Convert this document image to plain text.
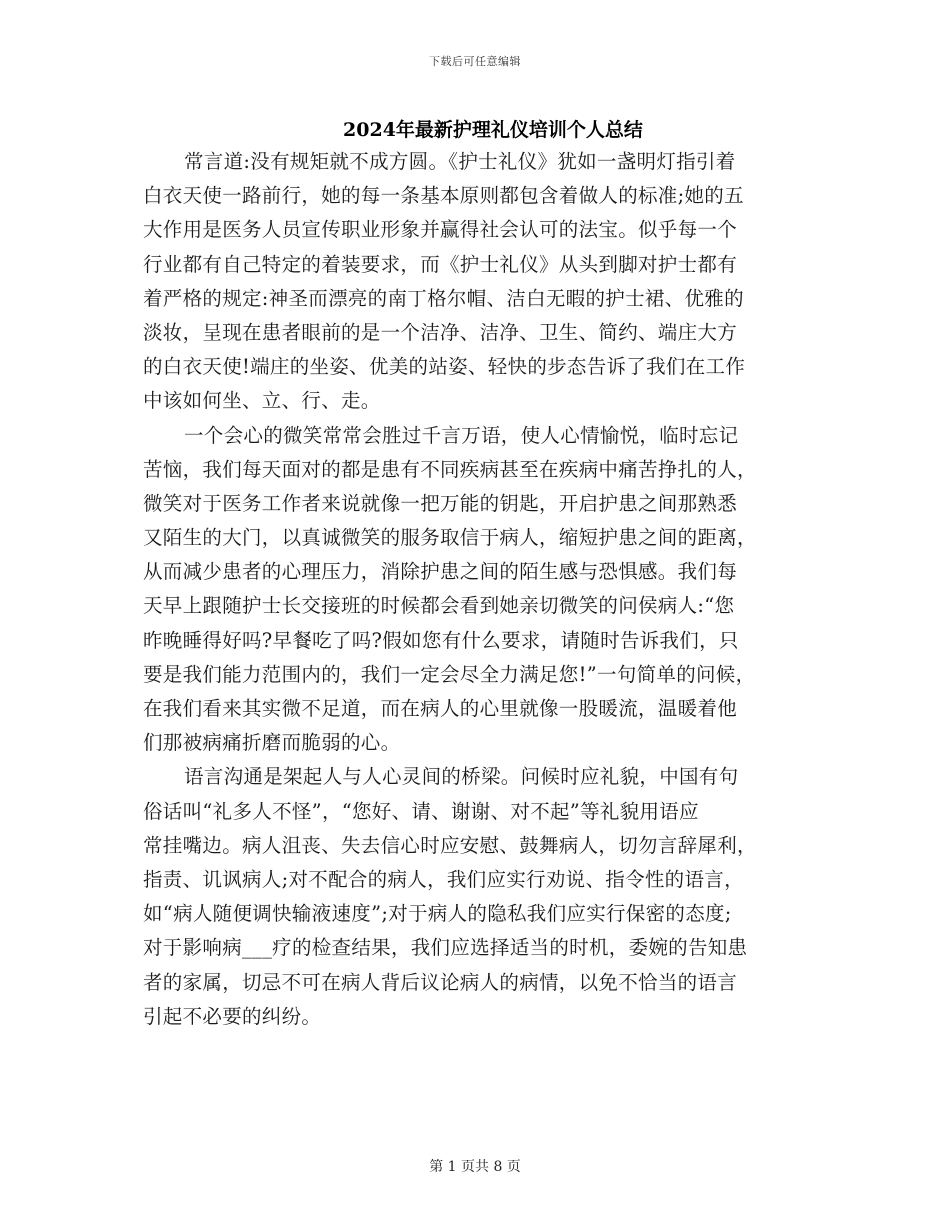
下载后可任意编辑
2024年最新护理礼仪培训个人总结
常言道:没有规矩就不成方圆。《护士礼仪》犹如一盏明灯指引着
白衣天使一路前行，她的每一条基本原则都包含着做人的标准;她的五
大作用是医务人员宣传职业形象并赢得社会认可的法宝。似乎每一个
行业都有自己特定的着装要求，而《护士礼仪》从头到脚对护士都有
着严格的规定:神圣而漂亮的南丁格尔帽、洁白无暇的护士裙、优雅的
淡妆，呈现在患者眼前的是一个洁净、洁净、卫生、简约、端庄大方
的白衣天使!端庄的坐姿、优美的站姿、轻快的步态告诉了我们在工作
中该如何坐、立、行、走。
一个会心的微笑常常会胜过千言万语，使人心情愉悦，临时忘记
苦恼，我们每天面对的都是患有不同疾病甚至在疾病中痛苦挣扎的人，
微笑对于医务工作者来说就像一把万能的钥匙，开启护患之间那熟悉
又陌生的大门，以真诚微笑的服务取信于病人，缩短护患之间的距离，
从而减少患者的心理压力，消除护患之间的陌生感与恐惧感。我们每
天早上跟随护士长交接班的时候都会看到她亲切微笑的问侯病人:“您
昨晚睡得好吗?早餐吃了吗?假如您有什么要求，请随时告诉我们，只
要是我们能力范围内的，我们一定会尽全力满足您!”一句简单的问候，
在我们看来其实微不足道，而在病人的心里就像一股暖流，温暖着他
们那被病痛折磨而脆弱的心。
语言沟通是架起人与人心灵间的桥梁。问候时应礼貌，中国有句
俗话叫“礼多人不怪”，“您好、请、谢谢、对不起”等礼貌用语应
常挂嘴边。病人沮丧、失去信心时应安慰、鼓舞病人，切勿言辞犀利，
指责、讥讽病人;对不配合的病人，我们应实行劝说、指令性的语言，
如“病人随便调快输液速度”;对于病人的隐私我们应实行保密的态度;
对于影响病___疗的检查结果，我们应选择适当的时机，委婉的告知患
者的家属，切忌不可在病人背后议论病人的病情，以免不恰当的语言
引起不必要的纠纷。
第 1 页共 8 页
